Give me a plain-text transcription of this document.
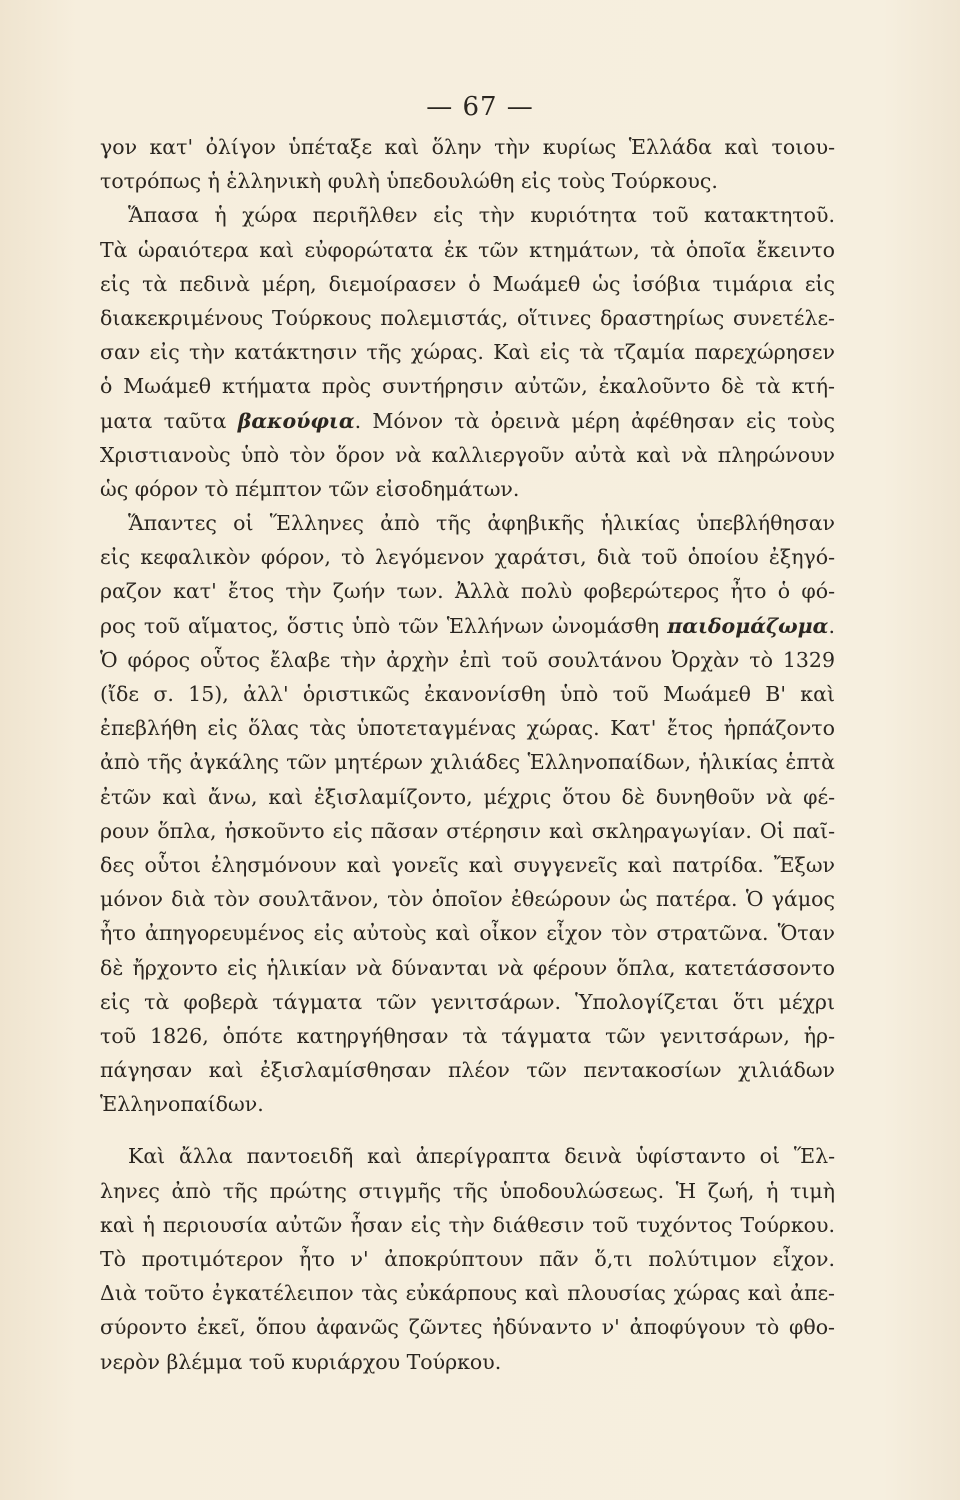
— 67 —
γον κατ' ὀλίγον ὑπέταξε καὶ ὅλην τὴν κυρίως Ἑλλάδα καὶ τοιου-
τοτρόπως ἡ ἑλληνικὴ φυλὴ ὑπεδουλώθη εἰς τοὺς Τούρκους.
Ἅπασα ἡ χώρα περιῆλθεν εἰς τὴν κυριότητα τοῦ κατακτητοῦ.
Τὰ ὡραιότερα καὶ εὐφορώτατα ἐκ τῶν κτημάτων, τὰ ὁποῖα ἔκειντο
εἰς τὰ πεδινὰ μέρη, διεμοίρασεν ὁ Μωάμεθ ὡς ἰσόβια τιμάρια εἰς
διακεκριμένους Τούρκους πολεμιστάς, οἵτινες δραστηρίως συνετέλε-
σαν εἰς τὴν κατάκτησιν τῆς χώρας. Καὶ εἰς τὰ τζαμία παρεχώρησεν
ὁ Μωάμεθ κτήματα πρὸς συντήρησιν αὐτῶν, ἐκαλοῦντο δὲ τὰ κτή-
ματα ταῦτα βακούφια. Μόνον τὰ ὀρεινὰ μέρη ἀφέθησαν εἰς τοὺς
Χριστιανοὺς ὑπὸ τὸν ὅρον νὰ καλλιεργοῦν αὐτὰ καὶ νὰ πληρώνουν
ὡς φόρον τὸ πέμπτον τῶν εἰσοδημάτων.
Ἅπαντες οἱ Ἕλληνες ἀπὸ τῆς ἀφηβικῆς ἡλικίας ὑπεβλήθησαν
εἰς κεφαλικὸν φόρον, τὸ λεγόμενον χαράτσι, διὰ τοῦ ὁποίου ἐξηγό-
ραζον κατ' ἔτος τὴν ζωήν των. Ἀλλὰ πολὺ φοβερώτερος ἦτο ὁ φό-
ρος τοῦ αἵματος, ὅστις ὑπὸ τῶν Ἑλλήνων ὠνομάσθη παιδομάζωμα.
Ὁ φόρος οὗτος ἔλαβε τὴν ἀρχὴν ἐπὶ τοῦ σουλτάνου Ὀρχὰν τὸ 1329
(ἴδε σ. 15), ἀλλ' ὁριστικῶς ἐκανονίσθη ὑπὸ τοῦ Μωάμεθ Β' καὶ
ἐπεβλήθη εἰς ὅλας τὰς ὑποτεταγμένας χώρας. Κατ' ἔτος ἠρπάζοντο
ἀπὸ τῆς ἀγκάλης τῶν μητέρων χιλιάδες Ἑλληνοπαίδων, ἡλικίας ἑπτὰ
ἐτῶν καὶ ἄνω, καὶ ἐξισλαμίζοντο, μέχρις ὅτου δὲ δυνηθοῦν νὰ φέ-
ρουν ὅπλα, ἠσκοῦντο εἰς πᾶσαν στέρησιν καὶ σκληραγωγίαν. Οἱ παῖ-
δες οὗτοι ἐλησμόνουν καὶ γονεῖς καὶ συγγενεῖς καὶ πατρίδα. Ἔξων
μόνον διὰ τὸν σουλτᾶνον, τὸν ὁποῖον ἐθεώρουν ὡς πατέρα. Ὁ γάμος
ἦτο ἀπηγορευμένος εἰς αὐτοὺς καὶ οἶκον εἶχον τὸν στρατῶνα. Ὅταν
δὲ ἤρχοντο εἰς ἡλικίαν νὰ δύνανται νὰ φέρουν ὅπλα, κατετάσσοντο
εἰς τὰ φοβερὰ τάγματα τῶν γενιτσάρων. Ὑπολογίζεται ὅτι μέχρι
τοῦ 1826, ὁπότε κατηργήθησαν τὰ τάγματα τῶν γενιτσάρων, ἡρ-
πάγησαν καὶ ἐξισλαμίσθησαν πλέον τῶν πεντακοσίων χιλιάδων
Ἑλληνοπαίδων.
Καὶ ἄλλα παντοειδῆ καὶ ἀπερίγραπτα δεινὰ ὑφίσταντο οἱ Ἕλ-
ληνες ἀπὸ τῆς πρώτης στιγμῆς τῆς ὑποδουλώσεως. Ἡ ζωή, ἡ τιμὴ
καὶ ἡ περιουσία αὐτῶν ἦσαν εἰς τὴν διάθεσιν τοῦ τυχόντος Τούρκου.
Τὸ προτιμότερον ἦτο ν' ἀποκρύπτουν πᾶν ὅ,τι πολύτιμον εἶχον.
Διὰ τοῦτο ἐγκατέλειπον τὰς εὐκάρπους καὶ πλουσίας χώρας καὶ ἀπε-
σύροντο ἐκεῖ, ὅπου ἀφανῶς ζῶντες ἠδύναντο ν' ἀποφύγουν τὸ φθο-
νερὸν βλέμμα τοῦ κυριάρχου Τούρκου.
